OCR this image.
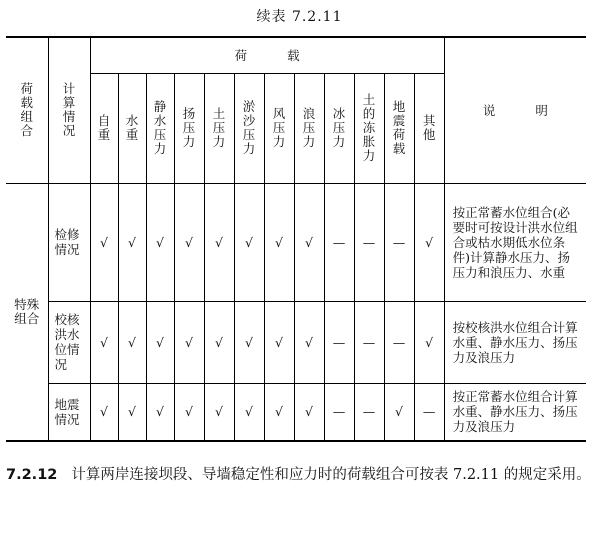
续表 7.2.11
荷载组合	计算情况	荷 载												说 明
		自重	水重	静水压力	扬压力	土压力	淤沙压力	风压力	浪压力	冰压力	土的冻胀力	地震荷载	其他	
特殊组合	检修情况	√	√	√	√	√	√	√	√	—	—	—	√	按正常蓄水位组合(必要时可按设计洪水位组合或枯水期低水位条件)计算静水压力、扬压力和浪压力、水重
	校核洪水位情况	√	√	√	√	√	√	√	√	—	—	—	√	按校核洪水位组合计算水重、静水压力、扬压力及浪压力
	地震情况	√	√	√	√	√	√	√	√	—	—	√	—	按正常蓄水位组合计算水重、静水压力、扬压力及浪压力
7.2.12 计算两岸连接坝段、导墙稳定性和应力时的荷载组合可按表 7.2.11 的规定采用。
